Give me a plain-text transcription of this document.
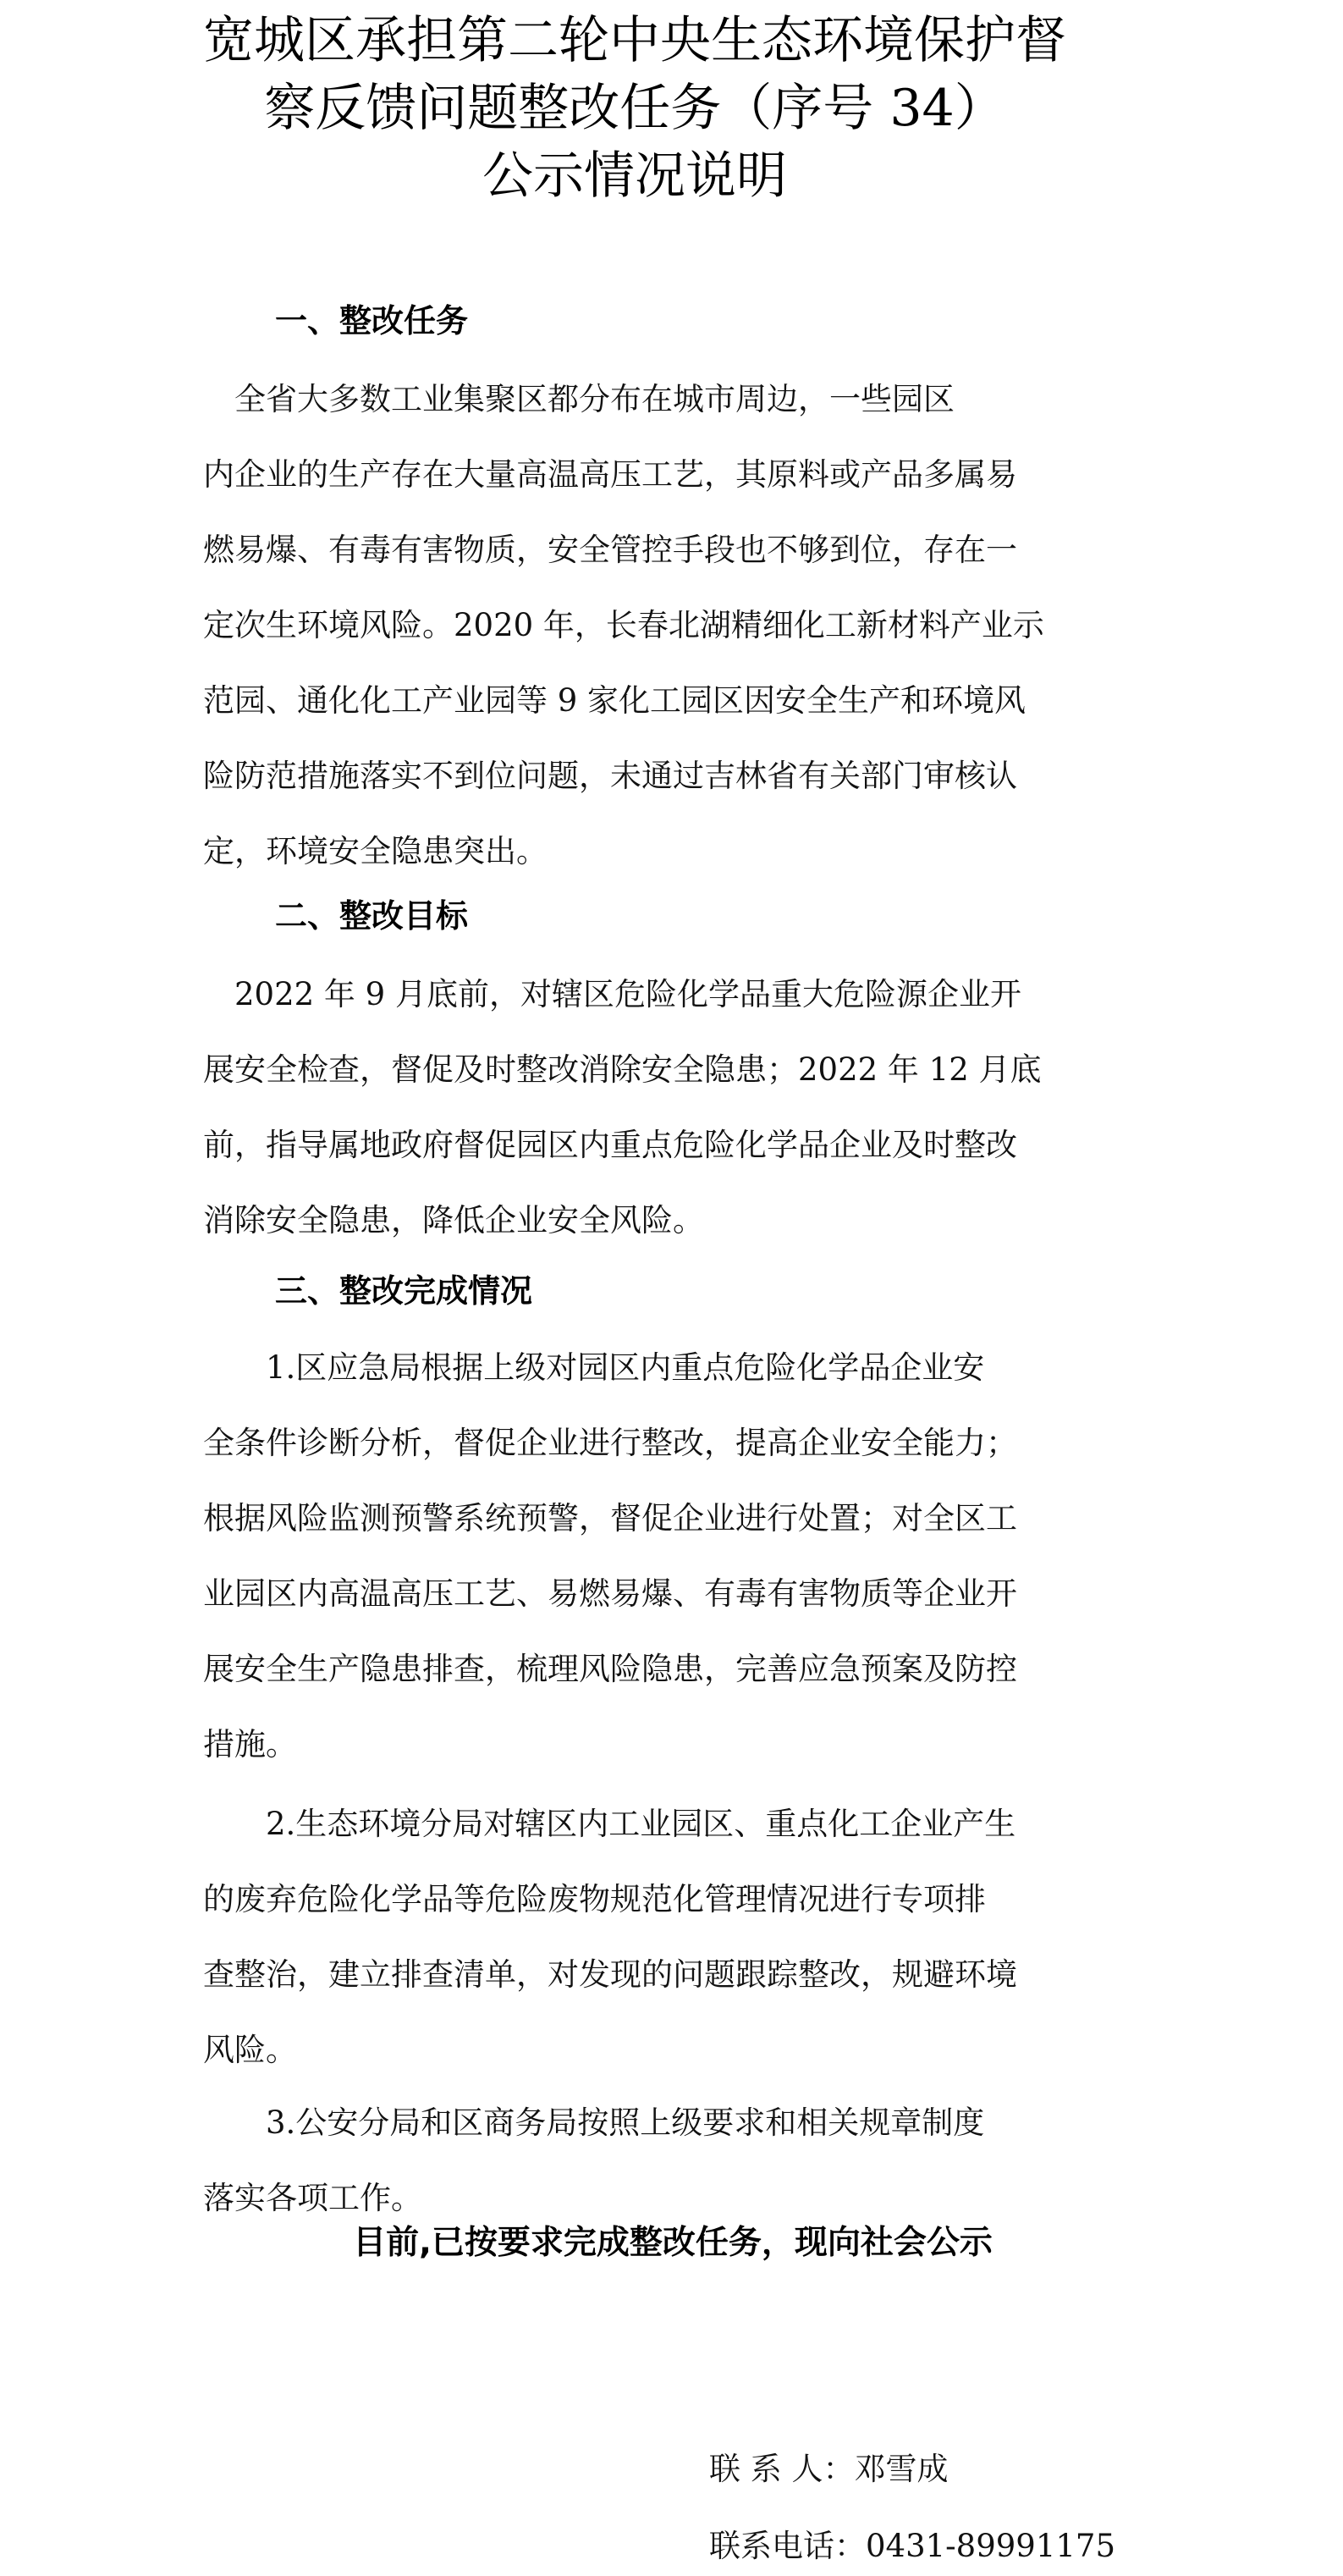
宽城区承担第二轮中央生态环境保护督
察反馈问题整改任务（序号 34）
公示情况说明
一、整改任务
　全省大多数工业集聚区都分布在城市周边，一些园区
内企业的生产存在大量高温高压工艺，其原料或产品多属易
燃易爆、有毒有害物质，安全管控手段也不够到位，存在一
定次生环境风险。2020 年，长春北湖精细化工新材料产业示
范园、通化化工产业园等 9 家化工园区因安全生产和环境风
险防范措施落实不到位问题，未通过吉林省有关部门审核认
定，环境安全隐患突出。
二、整改目标
　2022 年 9 月底前，对辖区危险化学品重大危险源企业开
展安全检查，督促及时整改消除安全隐患；2022 年 12 月底
前，指导属地政府督促园区内重点危险化学品企业及时整改
消除安全隐患，降低企业安全风险。
三、整改完成情况
　　1.区应急局根据上级对园区内重点危险化学品企业安
全条件诊断分析，督促企业进行整改，提高企业安全能力；
根据风险监测预警系统预警，督促企业进行处置；对全区工
业园区内高温高压工艺、易燃易爆、有毒有害物质等企业开
展安全生产隐患排查，梳理风险隐患，完善应急预案及防控
措施。
　　2.生态环境分局对辖区内工业园区、重点化工企业产生
的废弃危险化学品等危险废物规范化管理情况进行专项排
查整治，建立排查清单，对发现的问题跟踪整改，规避环境
风险。
　　3.公安分局和区商务局按照上级要求和相关规章制度
落实各项工作。

目前,已按要求完成整改任务，现向社会公示

联 系 人：邓雪成
联系电话：0431-89991175
